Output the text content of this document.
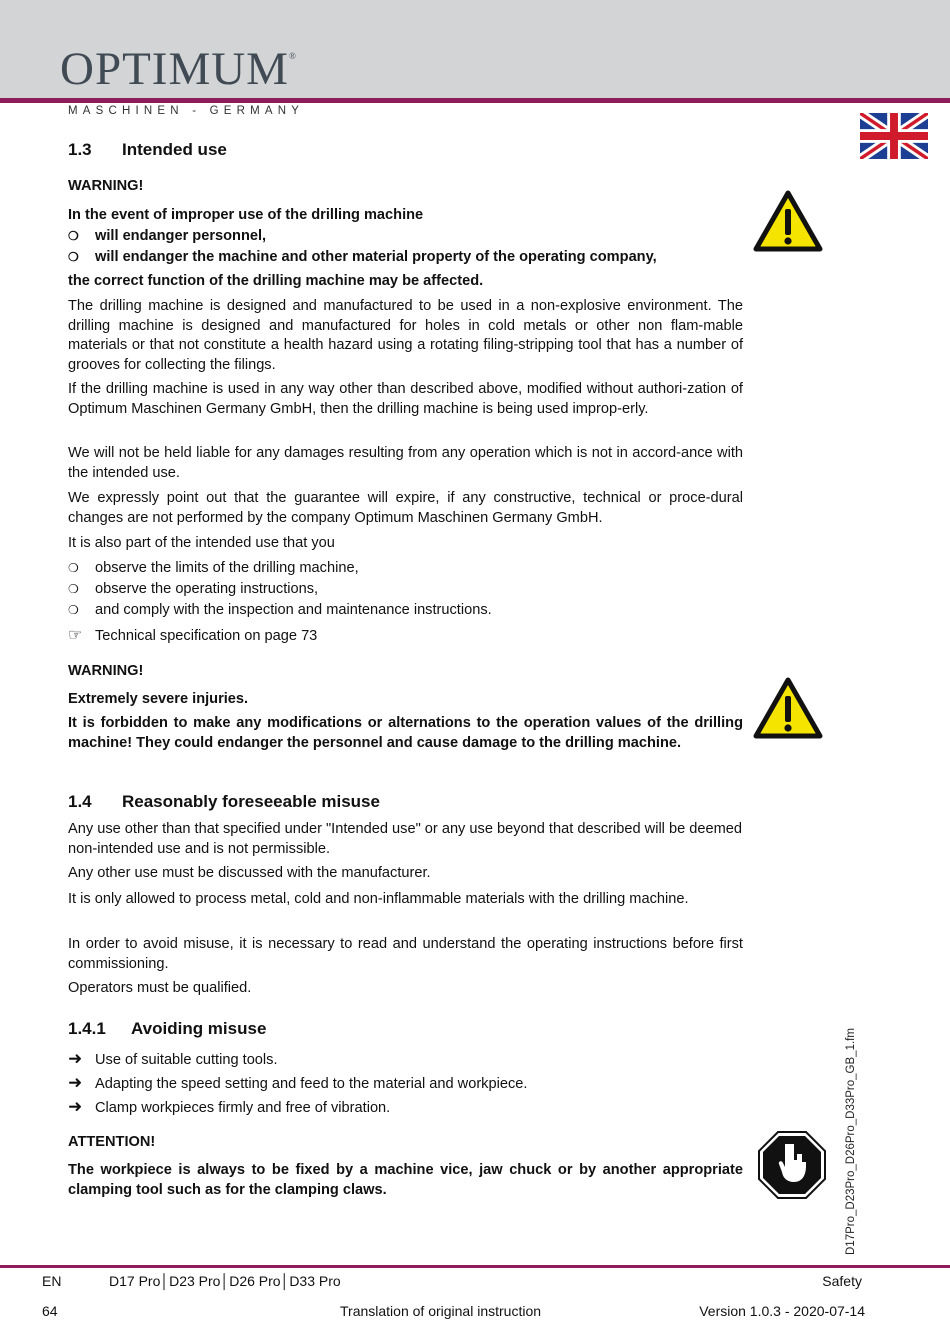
OPTIMUM®
MASCHINEN - GERMANY
1.3 Intended use
WARNING!
In the event of improper use of the drilling machine
❍ will endanger personnel,
❍ will endanger the machine and other material property of the operating company,
the correct function of the drilling machine may be affected.
The drilling machine is designed and manufactured to be used in a non-explosive environment. The drilling machine is designed and manufactured for holes in cold metals or other non flam-mable materials or that not constitute a health hazard using a rotating filing-stripping tool that has a number of grooves for collecting the filings.
If the drilling machine is used in any way other than described above, modified without authori-zation of Optimum Maschinen Germany GmbH, then the drilling machine is being used improp-erly.
We will not be held liable for any damages resulting from any operation which is not in accord-ance with the intended use.
We expressly point out that the guarantee will expire, if any constructive, technical or proce-dural changes are not performed by the company Optimum Maschinen Germany GmbH.
It is also part of the intended use that you
❍ observe the limits of the drilling machine,
❍ observe the operating instructions,
❍ and comply with the inspection and maintenance instructions.
☞ Technical specification on page 73
WARNING!
Extremely severe injuries.
It is forbidden to make any modifications or alternations to the operation values of the drilling machine! They could endanger the personnel and cause damage to the drilling machine.
1.4 Reasonably foreseeable misuse
Any use other than that specified under "Intended use" or any use beyond that described will be deemed non-intended use and is not permissible.
Any other use must be discussed with the manufacturer.
It is only allowed to process metal, cold and non-inflammable materials with the drilling machine.
In order to avoid misuse, it is necessary to read and understand the operating instructions before first commissioning.
Operators must be qualified.
1.4.1 Avoiding misuse
➜ Use of suitable cutting tools.
➜ Adapting the speed setting and feed to the material and workpiece.
➜ Clamp workpieces firmly and free of vibration.
ATTENTION!
The workpiece is always to be fixed by a machine vice, jaw chuck or by another appropriate clamping tool such as for the clamping claws.	D17Pro_D23Pro_D26Pro_D33Pro_GB_1.fm
EN	D17 Pro│D23 Pro│D26 Pro│D33 Pro	Safety
64	Translation of original instruction	Version 1.0.3 - 2020-07-14
